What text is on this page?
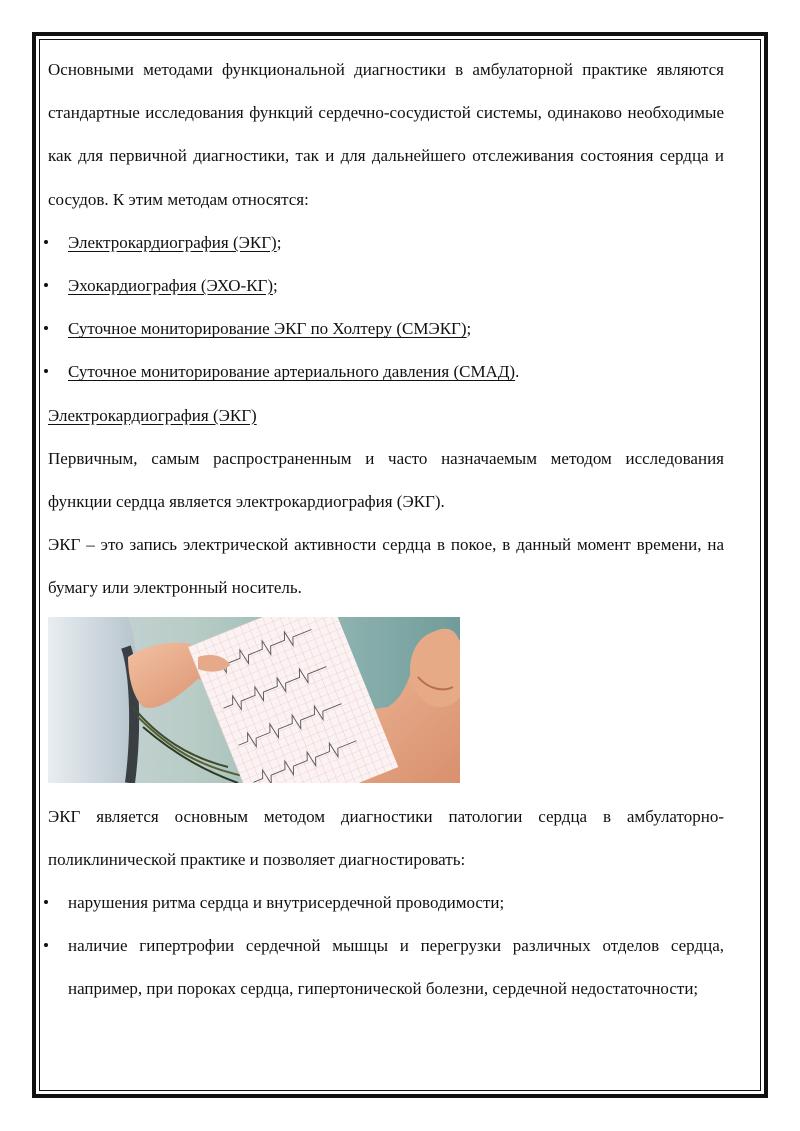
Основными методами функциональной диагностики в амбулаторной практике являются стандартные исследования функций сердечно-сосудистой системы, одинаково необходимые как для первичной диагностики, так и для дальнейшего отслеживания состояния сердца и сосудов. К этим методам относятся:

Электрокардиография (ЭКГ);
Эхокардиография (ЭХО-КГ);
Суточное мониторирование ЭКГ по Холтеру (СМЭКГ);
Суточное мониторирование артериального давления (СМАД).

Электрокардиография (ЭКГ)

Первичным, самым распространенным и часто назначаемым методом исследования функции сердца является электрокардиография (ЭКГ).

ЭКГ – это запись электрической активности сердца в покое, в данный момент времени, на бумагу или электронный носитель.

ЭКГ является основным методом диагностики патологии сердца в амбулаторно-поликлинической практике и позволяет диагностировать:

нарушения ритма сердца и внутрисердечной проводимости;
наличие гипертрофии сердечной мышцы и перегрузки различных отделов сердца, например, при пороках сердца, гипертонической болезни, сердечной недостаточности;
